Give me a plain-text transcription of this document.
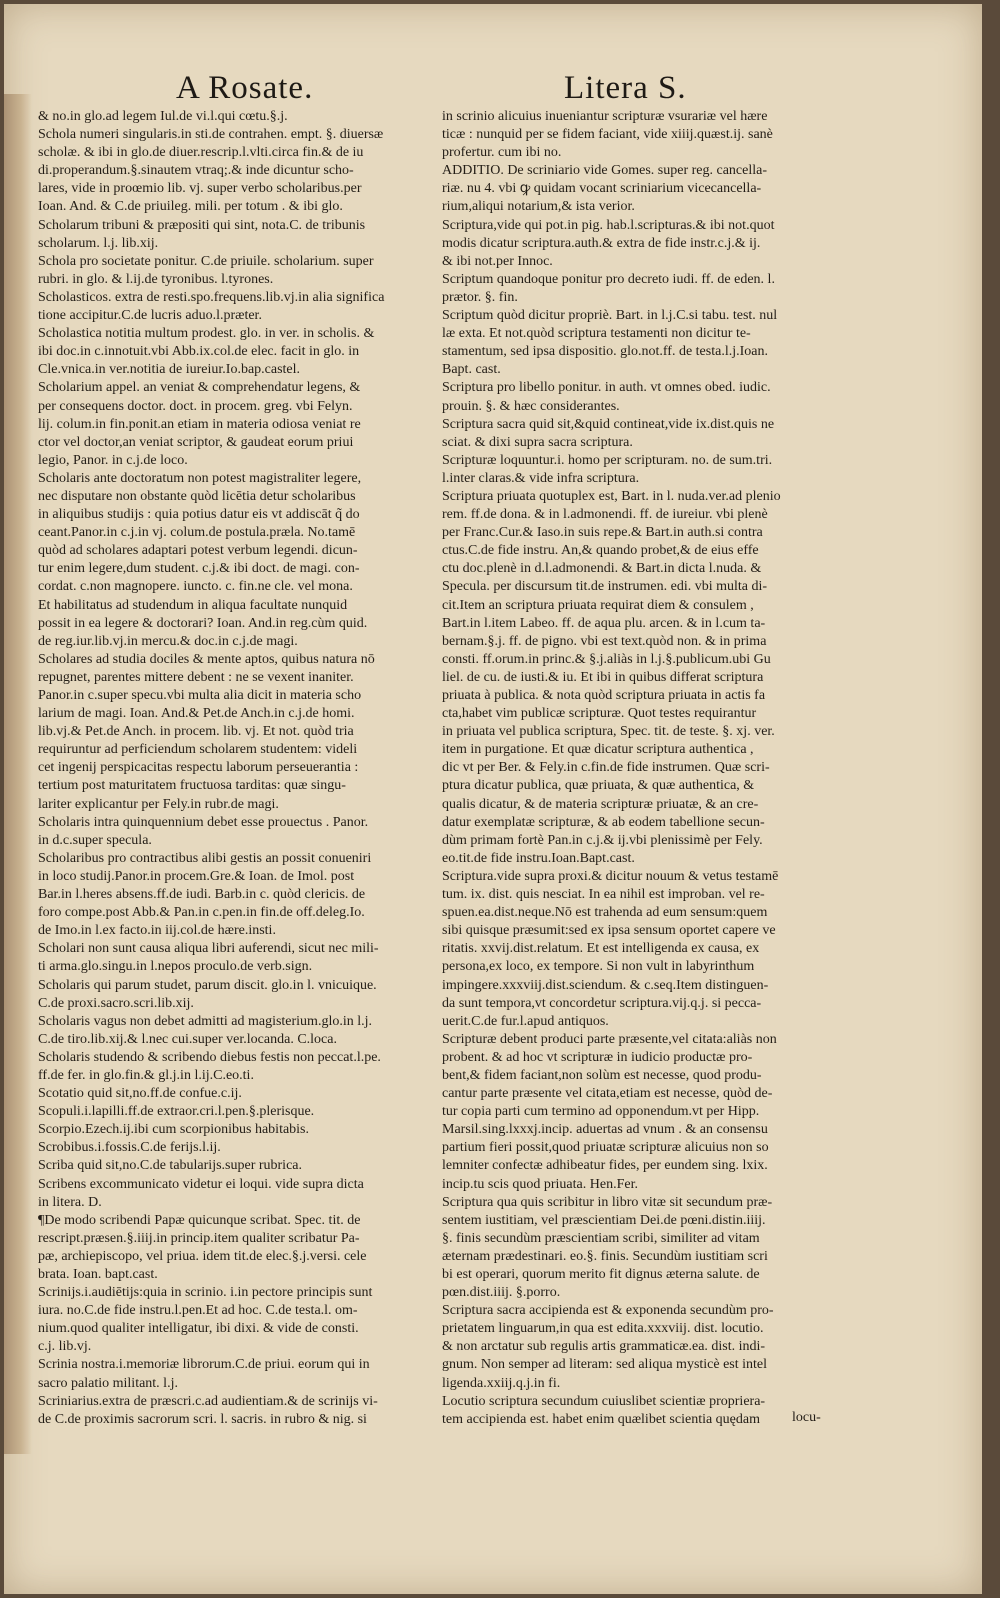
A Rosate.	Litera S.
& no.in glo.ad legem Iul.de vi.l.qui cœtu.§.j.
Schola numeri singularis.in sti.de contrahen. empt. §. diuersæ
scholæ. & ibi in glo.de diuer.rescrip.l.vlti.circa fin.& de iu
di.properandum.§.sinautem vtraq;.& inde dicuntur scho-
lares, vide in proœmio lib. vj. super verbo scholaribus.per
Ioan. And. & C.de priuileg. mili. per totum . & ibi glo.
Scholarum tribuni & præpositi qui sint, nota.C. de tribunis
scholarum. l.j. lib.xij.
Schola pro societate ponitur. C.de priuile. scholarium. super
rubri. in glo. & l.ij.de tyronibus. l.tyrones.
Scholasticos. extra de resti.spo.frequens.lib.vj.in alia significa
tione accipitur.C.de lucris aduo.l.præter.
Scholastica notitia multum prodest. glo. in ver. in scholis. &
ibi doc.in c.innotuit.vbi Abb.ix.col.de elec. facit in glo. in
Cle.vnica.in ver.notitia de iureiur.Io.bap.castel.
Scholarium appel. an veniat & comprehendatur legens, &
per consequens doctor. doct. in procem. greg. vbi Felyn.
lij. colum.in fin.ponit.an etiam in materia odiosa veniat re
ctor vel doctor,an veniat scriptor, & gaudeat eorum priui
legio, Panor. in c.j.de loco.
Scholaris ante doctoratum non potest magistraliter legere,
nec disputare non obstante quòd licētia detur scholaribus
in aliquibus studijs : quia potius datur eis vt addiscāt q̃ do
ceant.Panor.in c.j.in vj. colum.de postula.præla. No.tamē
quòd ad scholares adaptari potest verbum legendi. dicun-
tur enim legere,dum student. c.j.& ibi doct. de magi. con-
cordat. c.non magnopere. iuncto. c. fin.ne cle. vel mona.
Et habilitatus ad studendum in aliqua facultate nunquid
possit in ea legere & doctorari? Ioan. And.in reg.cùm quid.
de reg.iur.lib.vj.in mercu.& doc.in c.j.de magi.
Scholares ad studia dociles & mente aptos, quibus natura nō
repugnet, parentes mittere debent : ne se vexent inaniter.
Panor.in c.super specu.vbi multa alia dicit in materia scho
larium de magi. Ioan. And.& Pet.de Anch.in c.j.de homi.
lib.vj.& Pet.de Anch. in procem. lib. vj. Et not. quòd tria
requiruntur ad perficiendum scholarem studentem: videli
cet ingenij perspicacitas respectu laborum perseuerantia :
tertium post maturitatem fructuosa tarditas: quæ singu-
lariter explicantur per Fely.in rubr.de magi.
Scholaris intra quinquennium debet esse prouectus . Panor.
in d.c.super specula.
Scholaribus pro contractibus alibi gestis an possit conueniri
in loco studij.Panor.in procem.Gre.& Ioan. de Imol. post
Bar.in l.heres absens.ff.de iudi. Barb.in c. quòd clericis. de
foro compe.post Abb.& Pan.in c.pen.in fin.de off.deleg.Io.
de Imo.in l.ex facto.in iij.col.de hære.insti.
Scholari non sunt causa aliqua libri auferendi, sicut nec mili-
ti arma.glo.singu.in l.nepos proculo.de verb.sign.
Scholaris qui parum studet, parum discit. glo.in l. vnicuique.
C.de proxi.sacro.scri.lib.xij.
Scholaris vagus non debet admitti ad magisterium.glo.in l.j.
C.de tiro.lib.xij.& l.nec cui.super ver.locanda. C.loca.
Scholaris studendo & scribendo diebus festis non peccat.l.pe.
ff.de fer. in glo.fin.& gl.j.in l.ij.C.eo.ti.
Scotatio quid sit,no.ff.de confue.c.ij.
Scopuli.i.lapilli.ff.de extraor.cri.l.pen.§.plerisque.
Scorpio.Ezech.ij.ibi cum scorpionibus habitabis.
Scrobibus.i.fossis.C.de ferijs.l.ij.
Scriba quid sit,no.C.de tabularijs.super rubrica.
Scribens excommunicato videtur ei loqui. vide supra dicta
in litera. D.
¶De modo scribendi Papæ quicunque scribat. Spec. tit. de
rescript.præsen.§.iiij.in princip.item qualiter scribatur Pa-
pæ, archiepiscopo, vel priua. idem tit.de elec.§.j.versi. cele
brata. Ioan. bapt.cast.
Scrinijs.i.audiētijs:quia in scrinio. i.in pectore principis sunt
iura. no.C.de fide instru.l.pen.Et ad hoc. C.de testa.l. om-
nium.quod qualiter intelligatur, ibi dixi. & vide de consti.
c.j. lib.vj.
Scrinia nostra.i.memoriæ librorum.C.de priui. eorum qui in
sacro palatio militant. l.j.
Scriniarius.extra de præscri.c.ad audientiam.& de scrinijs vi-
de C.de proximis sacrorum scri. l. sacris. in rubro & nig. si
in scrinio alicuius inueniantur scripturæ vsurariæ vel hære
ticæ : nunquid per se fidem faciant, vide xiiij.quæst.ij. sanè
profertur. cum ibi no.
ADDITIO. De scriniario vide Gomes. super reg. cancella-
riæ. nu 4. vbi ꝙ quidam vocant scriniarium vicecancella-
rium,aliqui notarium,& ista verior.
Scriptura,vide qui pot.in pig. hab.l.scripturas.& ibi not.quot
modis dicatur scriptura.auth.& extra de fide instr.c.j.& ij.
& ibi not.per Innoc.
Scriptum quandoque ponitur pro decreto iudi. ff. de eden. l.
prætor. §. fin.
Scriptum quòd dicitur propriè. Bart. in l.j.C.si tabu. test. nul
læ exta. Et not.quòd scriptura testamenti non dicitur te-
stamentum, sed ipsa dispositio. glo.not.ff. de testa.l.j.Ioan.
Bapt. cast.
Scriptura pro libello ponitur. in auth. vt omnes obed. iudic.
prouin. §. & hæc considerantes.
Scriptura sacra quid sit,&quid contineat,vide ix.dist.quis ne
sciat. & dixi supra sacra scriptura.
Scripturæ loquuntur.i. homo per scripturam. no. de sum.tri.
l.inter claras.& vide infra scriptura.
Scriptura priuata quotuplex est, Bart. in l. nuda.ver.ad plenio
rem. ff.de dona. & in l.admonendi. ff. de iureiur. vbi plenè
per Franc.Cur.& Iaso.in suis repe.& Bart.in auth.si contra
ctus.C.de fide instru. An,& quando probet,& de eius effe
ctu doc.plenè in d.l.admonendi. & Bart.in dicta l.nuda. &
Specula. per discursum tit.de instrumen. edi. vbi multa di-
cit.Item an scriptura priuata requirat diem & consulem ,
Bart.in l.item Labeo. ff. de aqua plu. arcen. & in l.cum ta-
bernam.§.j. ff. de pigno. vbi est text.quòd non. & in prima
consti. ff.orum.in princ.& §.j.aliàs in l.j.§.publicum.ubi Gu
liel. de cu. de iusti.& iu. Et ibi in quibus differat scriptura
priuata à publica. & nota quòd scriptura priuata in actis fa
cta,habet vim publicæ scripturæ. Quot testes requirantur
in priuata vel publica scriptura, Spec. tit. de teste. §. xj. ver.
item in purgatione. Et quæ dicatur scriptura authentica ,
dic vt per Ber. & Fely.in c.fin.de fide instrumen. Quæ scri-
ptura dicatur publica, quæ priuata, & quæ authentica, &
qualis dicatur, & de materia scripturæ priuatæ, & an cre-
datur exemplatæ scripturæ, & ab eodem tabellione secun-
dùm primam fortè Pan.in c.j.& ij.vbi plenissimè per Fely.
eo.tit.de fide instru.Ioan.Bapt.cast.
Scriptura.vide supra proxi.& dicitur nouum & vetus testamē
tum. ix. dist. quis nesciat. In ea nihil est improban. vel re-
spuen.ea.dist.neque.Nō est trahenda ad eum sensum:quem
sibi quisque præsumit:sed ex ipsa sensum oportet capere ve
ritatis. xxvij.dist.relatum. Et est intelligenda ex causa, ex
persona,ex loco, ex tempore. Si non vult in labyrinthum
impingere.xxxviij.dist.sciendum. & c.seq.Item distinguen-
da sunt tempora,vt concordetur scriptura.vij.q.j. si pecca-
uerit.C.de fur.l.apud antiquos.
Scripturæ debent produci parte præsente,vel citata:aliàs non
probent. & ad hoc vt scripturæ in iudicio productæ pro-
bent,& fidem faciant,non solùm est necesse, quod produ-
cantur parte præsente vel citata,etiam est necesse, quòd de-
tur copia parti cum termino ad opponendum.vt per Hipp.
Marsil.sing.lxxxj.incip. aduertas ad vnum . & an consensu
partium fieri possit,quod priuatæ scripturæ alicuius non so
lemniter confectæ adhibeatur fides, per eundem sing. lxix.
incip.tu scis quod priuata. Hen.Fer.
Scriptura qua quis scribitur in libro vitæ sit secundum præ-
sentem iustitiam, vel præscientiam Dei.de pœni.distin.iiij.
§. finis secundùm præscientiam scribi, similiter ad vitam
æternam prædestinari. eo.§. finis. Secundùm iustitiam scri
bi est operari, quorum merito fit dignus æterna salute. de
pœn.dist.iiij. §.porro.
Scriptura sacra accipienda est & exponenda secundùm pro-
prietatem linguarum,in qua est edita.xxxviij. dist. locutio.
& non arctatur sub regulis artis grammaticæ.ea. dist. indi-
gnum. Non semper ad literam: sed aliqua mysticè est intel
ligenda.xxiij.q.j.in fi.
Locutio scriptura secundum cuiuslibet scientiæ propriera-
tem accipienda est. habet enim quælibet scientia quędam	locu-
